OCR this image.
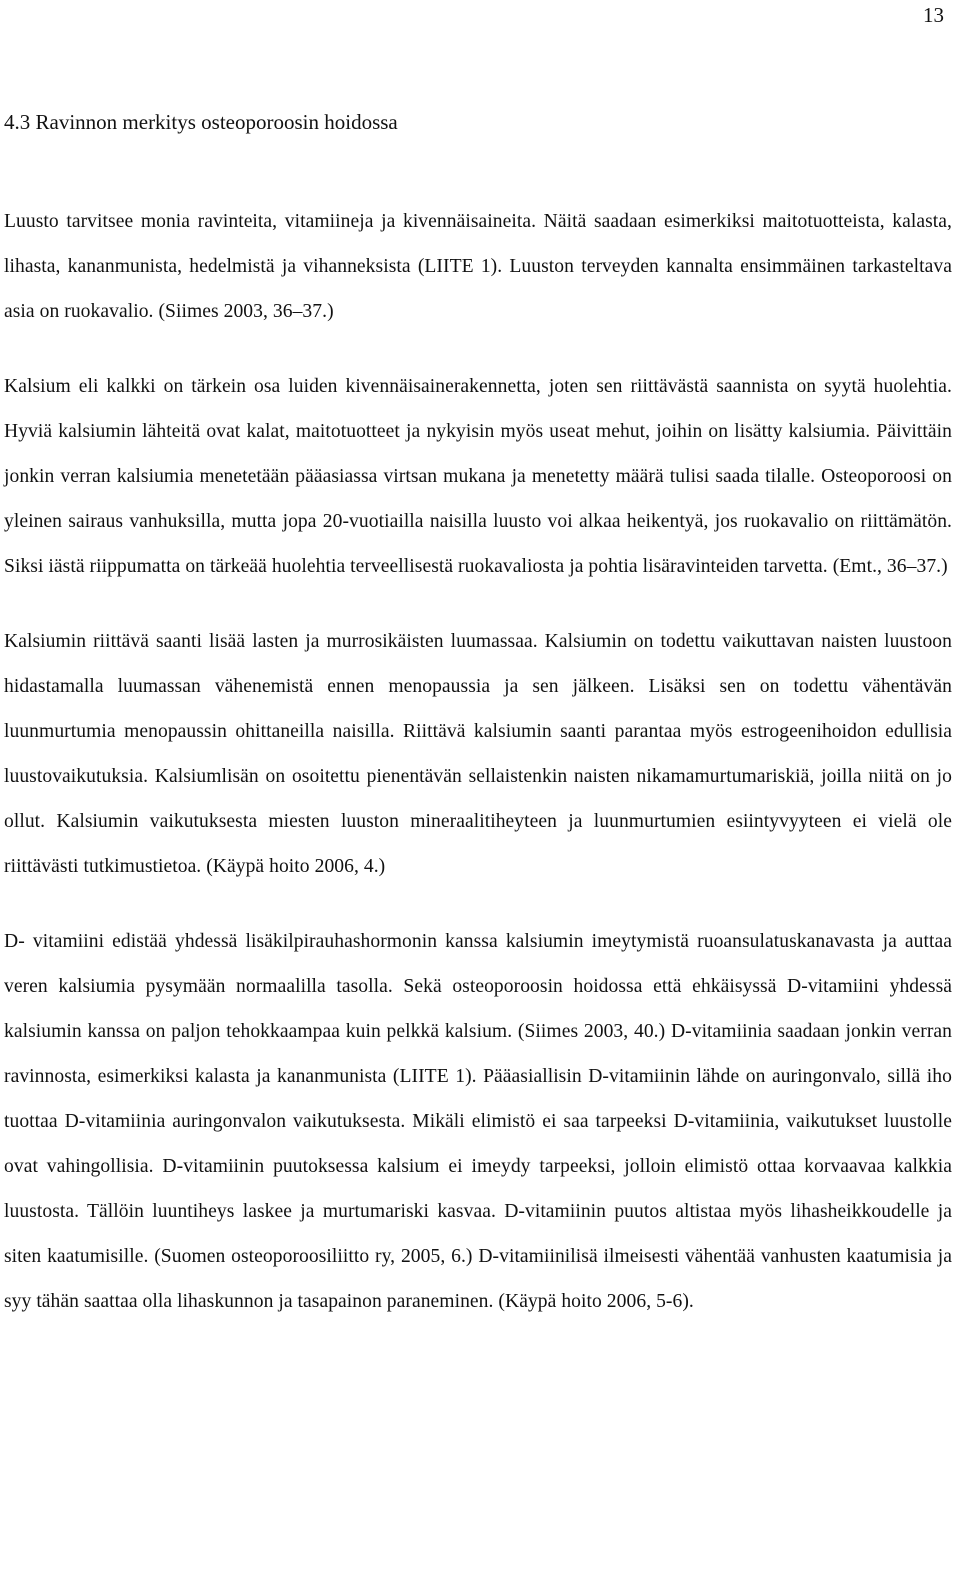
13
4.3 Ravinnon merkitys osteoporoosin hoidossa

Luusto tarvitsee monia ravinteita, vitamiineja ja kivennäisaineita. Näitä saadaan esimerkiksi maitotuotteista, kalasta, lihasta, kananmunista, hedelmistä ja vihanneksista (LIITE 1). Luuston terveyden kannalta ensimmäinen tarkasteltava asia on ruokavalio. (Siimes 2003, 36–37.)

Kalsium eli kalkki on tärkein osa luiden kivennäisainerakennetta, joten sen riittävästä saannista on syytä huolehtia. Hyviä kalsiumin lähteitä ovat kalat, maitotuotteet ja nykyisin myös useat mehut, joihin on lisätty kalsiumia. Päivittäin jonkin verran kalsiumia menetetään pääasiassa virtsan mukana ja menetetty määrä tulisi saada tilalle. Osteoporoosi on yleinen sairaus vanhuksilla, mutta jopa 20-vuotiailla naisilla luusto voi alkaa heikentyä, jos ruokavalio on riittämätön. Siksi iästä riippumatta on tärkeää huolehtia terveellisestä ruokavaliosta ja pohtia lisäravinteiden tarvetta. (Emt., 36–37.)

Kalsiumin riittävä saanti lisää lasten ja murrosikäisten luumassaa. Kalsiumin on todettu vaikuttavan naisten luustoon hidastamalla luumassan vähenemistä ennen menopaussia ja sen jälkeen. Lisäksi sen on todettu vähentävän luunmurtumia menopaussin ohittaneilla naisilla. Riittävä kalsiumin saanti parantaa myös estrogeenihoidon edullisia luustovaikutuksia. Kalsiumlisän on osoitettu pienentävän sellaistenkin naisten nikamamurtumariskiä, joilla niitä on jo ollut. Kalsiumin vaikutuksesta miesten luuston mineraalitiheyteen ja luunmurtumien esiintyvyyteen ei vielä ole riittävästi tutkimustietoa. (Käypä hoito 2006, 4.)

D- vitamiini edistää yhdessä lisäkilpirauhashormonin kanssa kalsiumin imeytymistä ruoansulatuskanavasta ja auttaa veren kalsiumia pysymään normaalilla tasolla. Sekä osteoporoosin hoidossa että ehkäisyssä D-vitamiini yhdessä kalsiumin kanssa on paljon tehokkaampaa kuin pelkkä kalsium. (Siimes 2003, 40.) D-vitamiinia saadaan jonkin verran ravinnosta, esimerkiksi kalasta ja kananmunista (LIITE 1). Pääasiallisin D-vitamiinin lähde on auringonvalo, sillä iho tuottaa D-vitamiinia auringonvalon vaikutuksesta. Mikäli elimistö ei saa tarpeeksi D-vitamiinia, vaikutukset luustolle ovat vahingollisia. D-vitamiinin puutoksessa kalsium ei imeydy tarpeeksi, jolloin elimistö ottaa korvaavaa kalkkia luustosta. Tällöin luuntiheys laskee ja murtumariski kasvaa. D-vitamiinin puutos altistaa myös lihasheikkoudelle ja siten kaatumisille. (Suomen osteoporoosiliitto ry, 2005, 6.) D-vitamiinilisä ilmeisesti vähentää vanhusten kaatumisia ja syy tähän saattaa olla lihaskunnon ja tasapainon paraneminen. (Käypä hoito 2006, 5-6).
